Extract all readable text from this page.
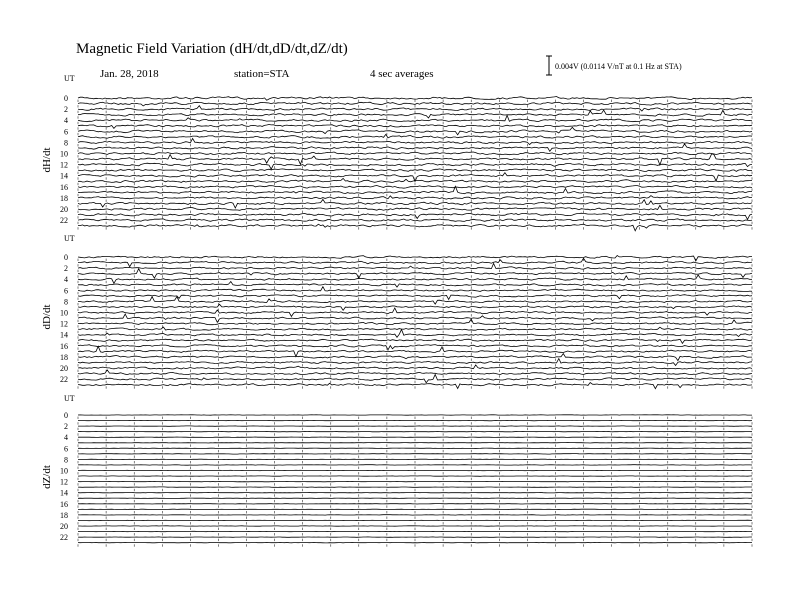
Magnetic Field Variation (dH/dt,dD/dt,dZ/dt)
Jan. 28, 2018	station=STA	4 sec averages
0.004V (0.0114 V/nT at 0.1 Hz at STA)
dH/dt
UT
0
2
4
6
8
10
12
14
16
18
20
22
dD/dt
UT
0
2
4
6
8
10
12
14
16
18
20
22
dZ/dt
UT
0
2
4
6
8
10
12
14
16
18
20
22
